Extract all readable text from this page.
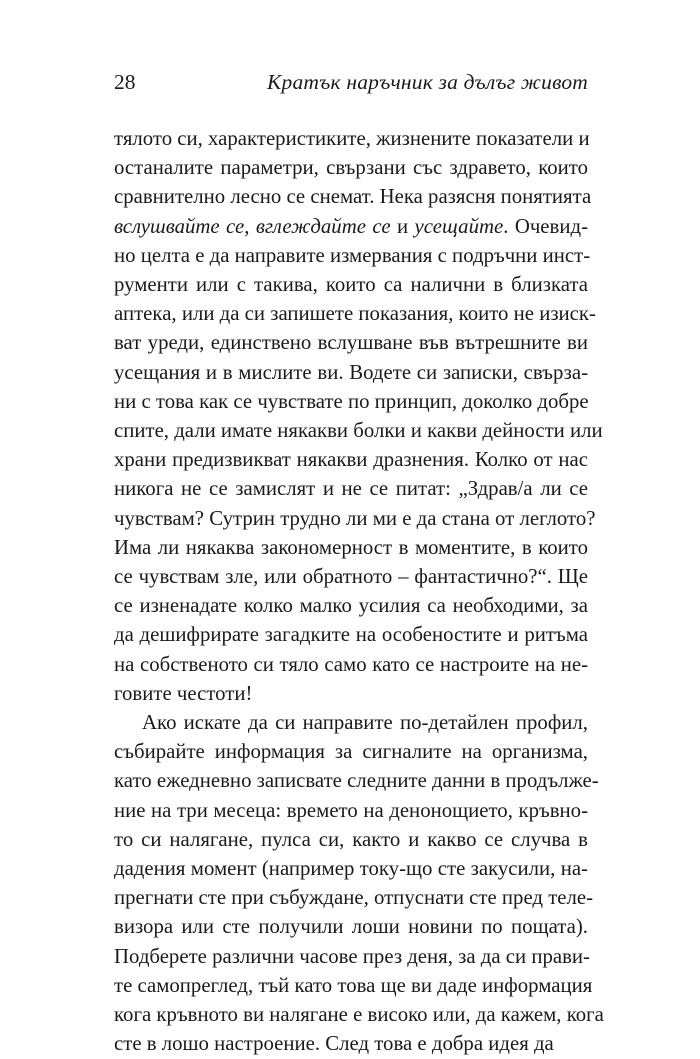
28	Кратък наръчник за дълъг живот

тялото си, характеристиките, жизнените показатели и
останалите параметри, свързани със здравето, които
сравнително лесно се снемат. Нека разясня понятията
вслушвайте се, вглеждайте се и усещайте. Очевид-
но целта е да направите измервания с подръчни инст-
рументи или с такива, които са налични в близката
аптека, или да си запишете показания, които не изиск-
ват уреди, единствено вслушване във вътрешните ви
усещания и в мислите ви. Водете си записки, свърза-
ни с това как се чувствате по принцип, доколко добре
спите, дали имате някакви болки и какви дейности или
храни предизвикват някакви дразнения. Колко от нас
никога не се замислят и не се питат: „Здрав/а ли се
чувствам? Сутрин трудно ли ми е да стана от леглото?
Има ли някаква закономерност в моментите, в които
се чувствам зле, или обратното – фантастично?“. Ще
се изненадате колко малко усилия са необходими, за
да дешифрирате загадките на особеностите и ритъма
на собственото си тяло само като се настроите на не-
говите честоти!

Ако искате да си направите по-детайлен профил,
събирайте информация за сигналите на организма,
като ежедневно записвате следните данни в продълже-
ние на три месеца: времето на денонощието, кръвно-
то си налягане, пулса си, както и какво се случва в
дадения момент (например току-що сте закусили, на-
прегнати сте при събуждане, отпуснати сте пред теле-
визора или сте получили лоши новини по пощата).
Подберете различни часове през деня, за да си прави-
те самопреглед, тъй като това ще ви даде информация
кога кръвното ви налягане е високо или, да кажем, кога
сте в лошо настроение. След това е добра идея да
